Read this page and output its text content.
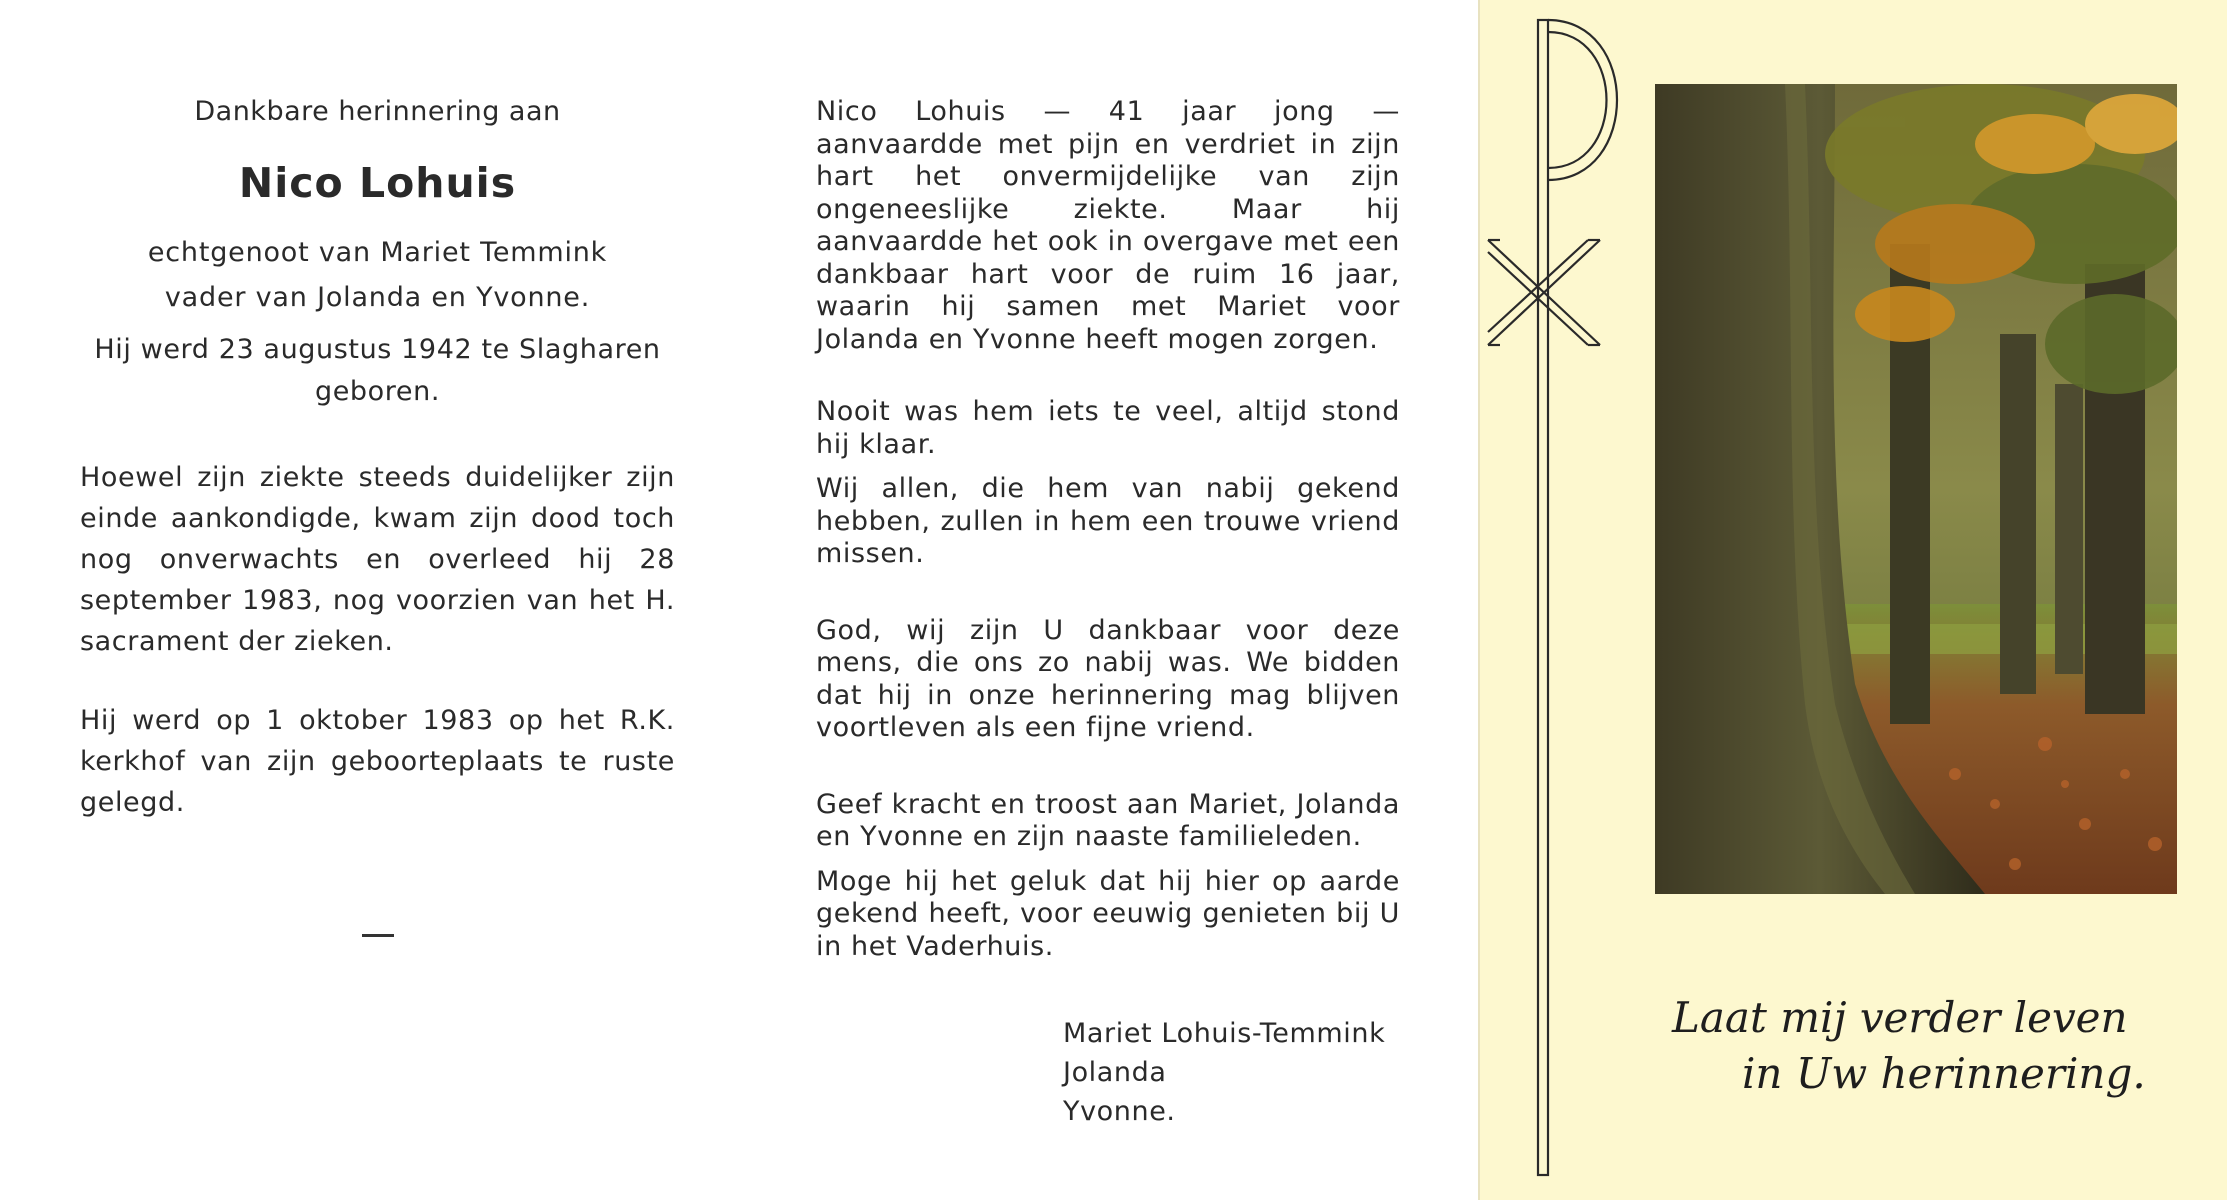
Dankbare herinnering aan

Nico Lohuis

echtgenoot van Mariet Temmink

vader van Jolanda en Yvonne.

Hij werd 23 augustus 1942 te Slagharen geboren.

Hoewel zijn ziekte steeds duidelijker zijn einde aankondigde, kwam zijn dood toch nog onverwachts en overleed hij 28 september 1983, nog voorzien van het H. sacrament der zieken.

Hij werd op 1 oktober 1983 op het R.K. kerkhof van zijn geboorteplaats te ruste gelegd.

Nico Lohuis — 41 jaar jong — aanvaardde met pijn en verdriet in zijn hart het onvermijdelijke van zijn ongeneeslijke ziekte. Maar hij aanvaardde het ook in overgave met een dankbaar hart voor de ruim 16 jaar, waarin hij samen met Mariet voor Jolanda en Yvonne heeft mogen zorgen.

Nooit was hem iets te veel, altijd stond hij klaar.

Wij allen, die hem van nabij gekend hebben, zullen in hem een trouwe vriend missen.

God, wij zijn U dankbaar voor deze mens, die ons zo nabij was. We bidden dat hij in onze herinnering mag blijven voortleven als een fijne vriend.

Geef kracht en troost aan Mariet, Jolanda en Yvonne en zijn naaste familieleden.

Moge hij het geluk dat hij hier op aarde gekend heeft, voor eeuwig genieten bij U in het Vaderhuis.

Mariet Lohuis-Temmink
Jolanda
Yvonne.
Laat mij verder leven
in Uw herinnering.
